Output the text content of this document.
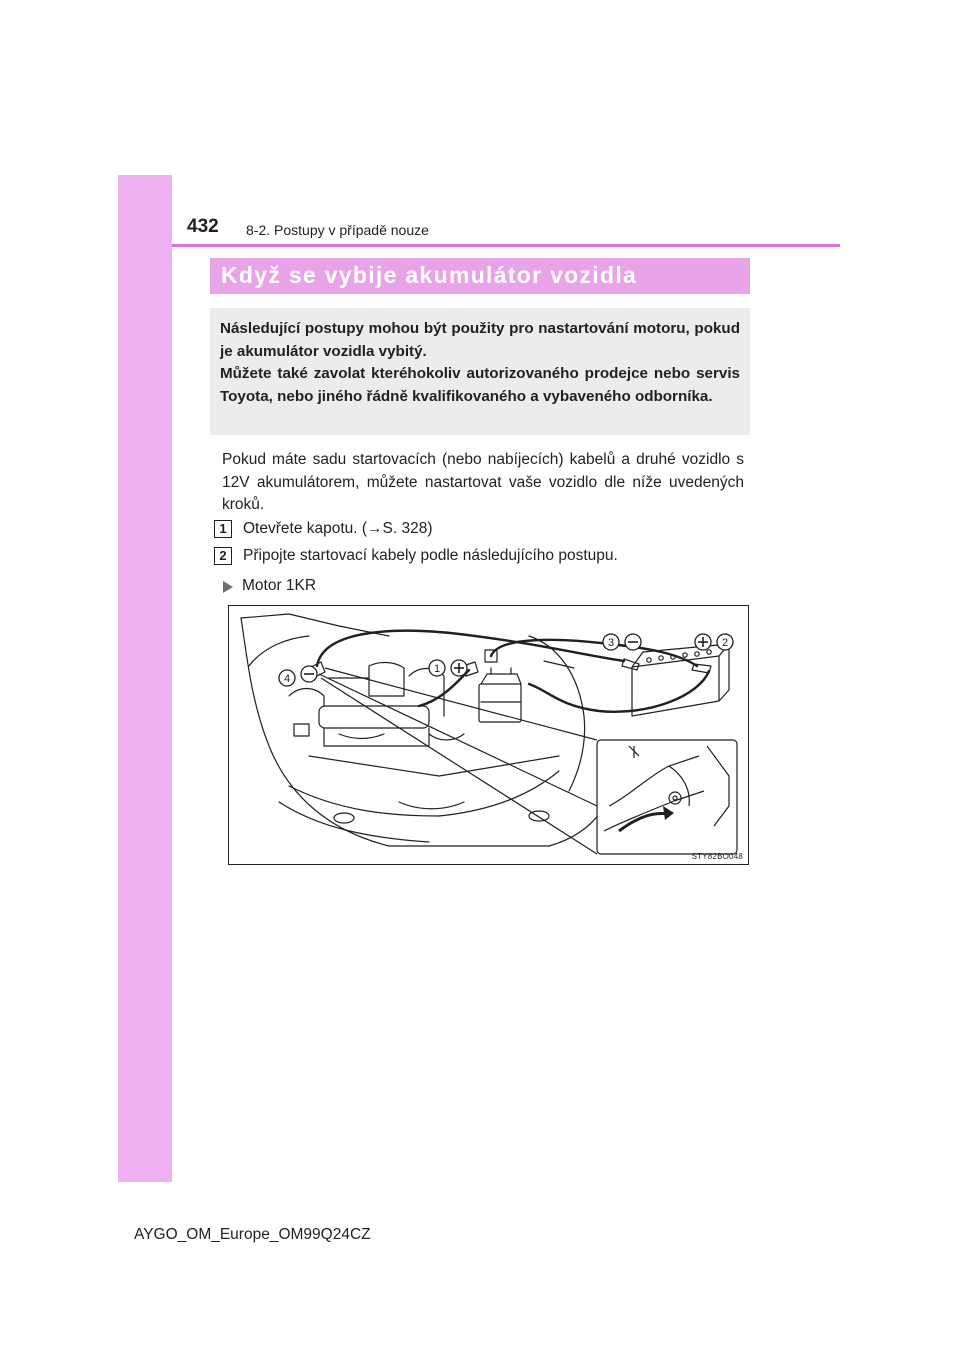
432 8-2. Postupy v případě nouze
Když se vybije akumulátor vozidla

Následující postupy mohou být použity pro nastartování motoru, pokud je akumulátor vozidla vybitý.

Můžete také zavolat kteréhokoliv autorizovaného prodejce nebo servis Toyota, nebo jiného řádně kvalifikovaného a vybaveného odborníka.

Pokud máte sadu startovacích (nebo nabíjecích) kabelů a druhé vozidlo s 12V akumulátorem, můžete nastartovat vaše vozidlo dle níže uvedených kroků.

1	Otevřete kapotu. (→S. 328)
2	Připojte startovací kabely podle následujícího postupu.
Motor 1KR
1
2
3
4
STY82BO048
AYGO_OM_Europe_OM99Q24CZ
